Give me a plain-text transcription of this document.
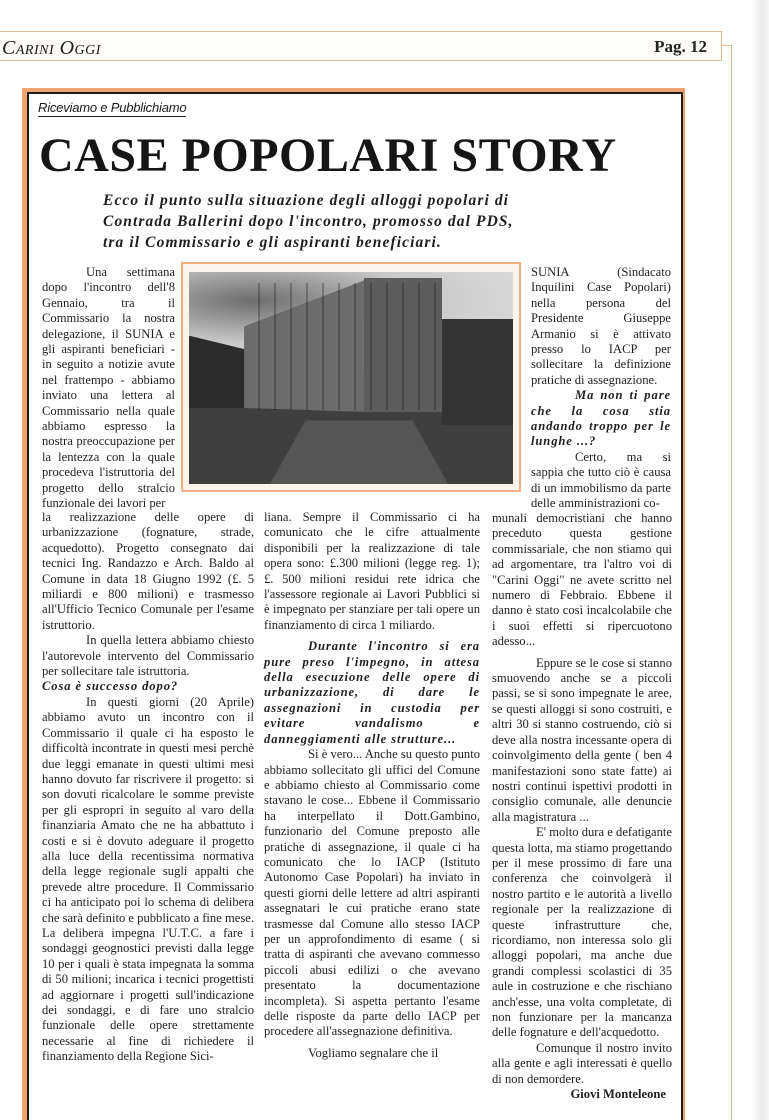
Carini Oggi	Pag. 12
Riceviamo e Pubblichiamo
CASE POPOLARI STORY
Ecco il punto sulla situazione degli alloggi popolari di
Contrada Ballerini dopo l'incontro, promosso dal PDS,
tra il Commissario e gli aspiranti beneficiari.

Una settimana dopo l'incontro dell'8 Gennaio, tra il Commissario la nostra delegazione, il SUNIA e gli aspiranti beneficiari - in seguito a notizie avute nel frattempo - abbiamo inviato una lettera al Commissario nella quale abbiamo espresso la nostra preoccupazione per la lentezza con la quale procedeva l'istruttoria del progetto dello stralcio funzionale dei lavori per

la realizzazione delle opere di urbanizzazione (fognature, strade, acquedotto). Progetto consegnato dai tecnici Ing. Randazzo e Arch. Baldo al Comune in data 18 Giugno 1992 (£. 5 miliardi e 800 milioni) e trasmesso all'Ufficio Tecnico Comunale per l'esame istruttorio.

In quella lettera abbiamo chiesto l'autorevole intervento del Commissario per sollecitare tale istruttoria.

Cosa è successo dopo?

In questi giorni (20 Aprile) abbiamo avuto un incontro con il Commissario il quale ci ha esposto le difficoltà incontrate in questi mesi perchè due leggi emanate in questi ultimi mesi hanno dovuto far riscrivere il progetto: si son dovuti ricalcolare le somme previste per gli espropri in seguito al varo della finanziaria Amato che ne ha abbattuto i costi e si è dovuto adeguare il progetto alla luce della recentissima normativa della legge regionale sugli appalti che prevede altre procedure. Il Commissario ci ha anticipato poi lo schema di delibera che sarà definito e pubblicato a fine mese. La delibera impegna l'U.T.C. a fare i sondaggi geognostici previsti dalla legge 10 per i quali è stata impegnata la somma di 50 milioni; incarica i tecnici progettisti ad aggiornare i progetti sull'indicazione dei sondaggi, e di fare uno stralcio funzionale delle opere strettamente necessarie al fine di richiedere il finanziamento della Regione Sici-

liana. Sempre il Commissario ci ha comunicato che le cifre attualmente disponibili per la realizzazione di tale opera sono: £.300 milioni (legge reg. 1); £. 500 milioni residui rete idrica che l'assessore regionale ai Lavori Pubblici si è impegnato per stanziare per tali opere un finanziamento di circa 1 miliardo.

Durante l'incontro si era pure preso l'impegno, in attesa della esecuzione delle opere di urbanizzazione, di dare le assegnazioni in custodia per evitare vandalismo e danneggiamenti alle strutture...

Si è vero... Anche su questo punto abbiamo sollecitato gli uffici del Comune e abbiamo chiesto al Commissario come stavano le cose... Ebbene il Commissario ha interpellato il Dott.Gambino, funzionario del Comune preposto alle pratiche di assegnazione, il quale ci ha comunicato che lo IACP (Istituto Autonomo Case Popolari) ha inviato in questi giorni delle lettere ad altri aspiranti assegnatari le cui pratiche erano state trasmesse dal Comune allo stesso IACP per un approfondimento di esame ( si tratta di aspiranti che avevano commesso piccoli abusi edilizi o che avevano presentato la documentazione incompleta). Si aspetta pertanto l'esame delle risposte da parte dello IACP per procedere all'assegnazione definitiva.

Vogliamo segnalare che il

SUNIA (Sindacato Inquilini Case Popolari) nella persona del Presidente Giuseppe Armanio si è attivato presso lo IACP per sollecitare la definizione pratiche di assegnazione.

Ma non ti pare che la cosa stia andando troppo per le lunghe ...?

Certo, ma si sappia che tutto ciò è causa di un immobilismo da parte delle amministrazioni co-

munali democristiani che hanno preceduto questa gestione commissariale, che non stiamo qui ad argomentare, tra l'altro voi di "Carini Oggi" ne avete scritto nel numero di Febbraio. Ebbene il danno è stato così incalcolabile che i suoi effetti si ripercuotono adesso...

Eppure se le cose si stanno smuovendo anche se a piccoli passi, se si sono impegnate le aree, se questi alloggi si sono costruiti, e altri 30 si stanno costruendo, ciò si deve alla nostra incessante opera di coinvolgimento della gente ( ben 4 manifestazioni sono state fatte) ai nostri continui ispettivi prodotti in consiglio comunale, alle denuncie alla magistratura ...

E' molto dura e defatigante questa lotta, ma stiamo progettando per il mese prossimo di fare una conferenza che coinvolgerà il nostro partito e le autorità a livello regionale per la realizzazione di queste infrastrutture che, ricordiamo, non interessa solo gli alloggi popolari, ma anche due grandi complessi scolastici di 35 aule in costruzione e che rischiano anch'esse, una volta completate, di non funzionare per la mancanza delle fognature e dell'acquedotto.

Comunque il nostro invito alla gente e agli interessati è quello di non demordere.

Giovi Monteleone
